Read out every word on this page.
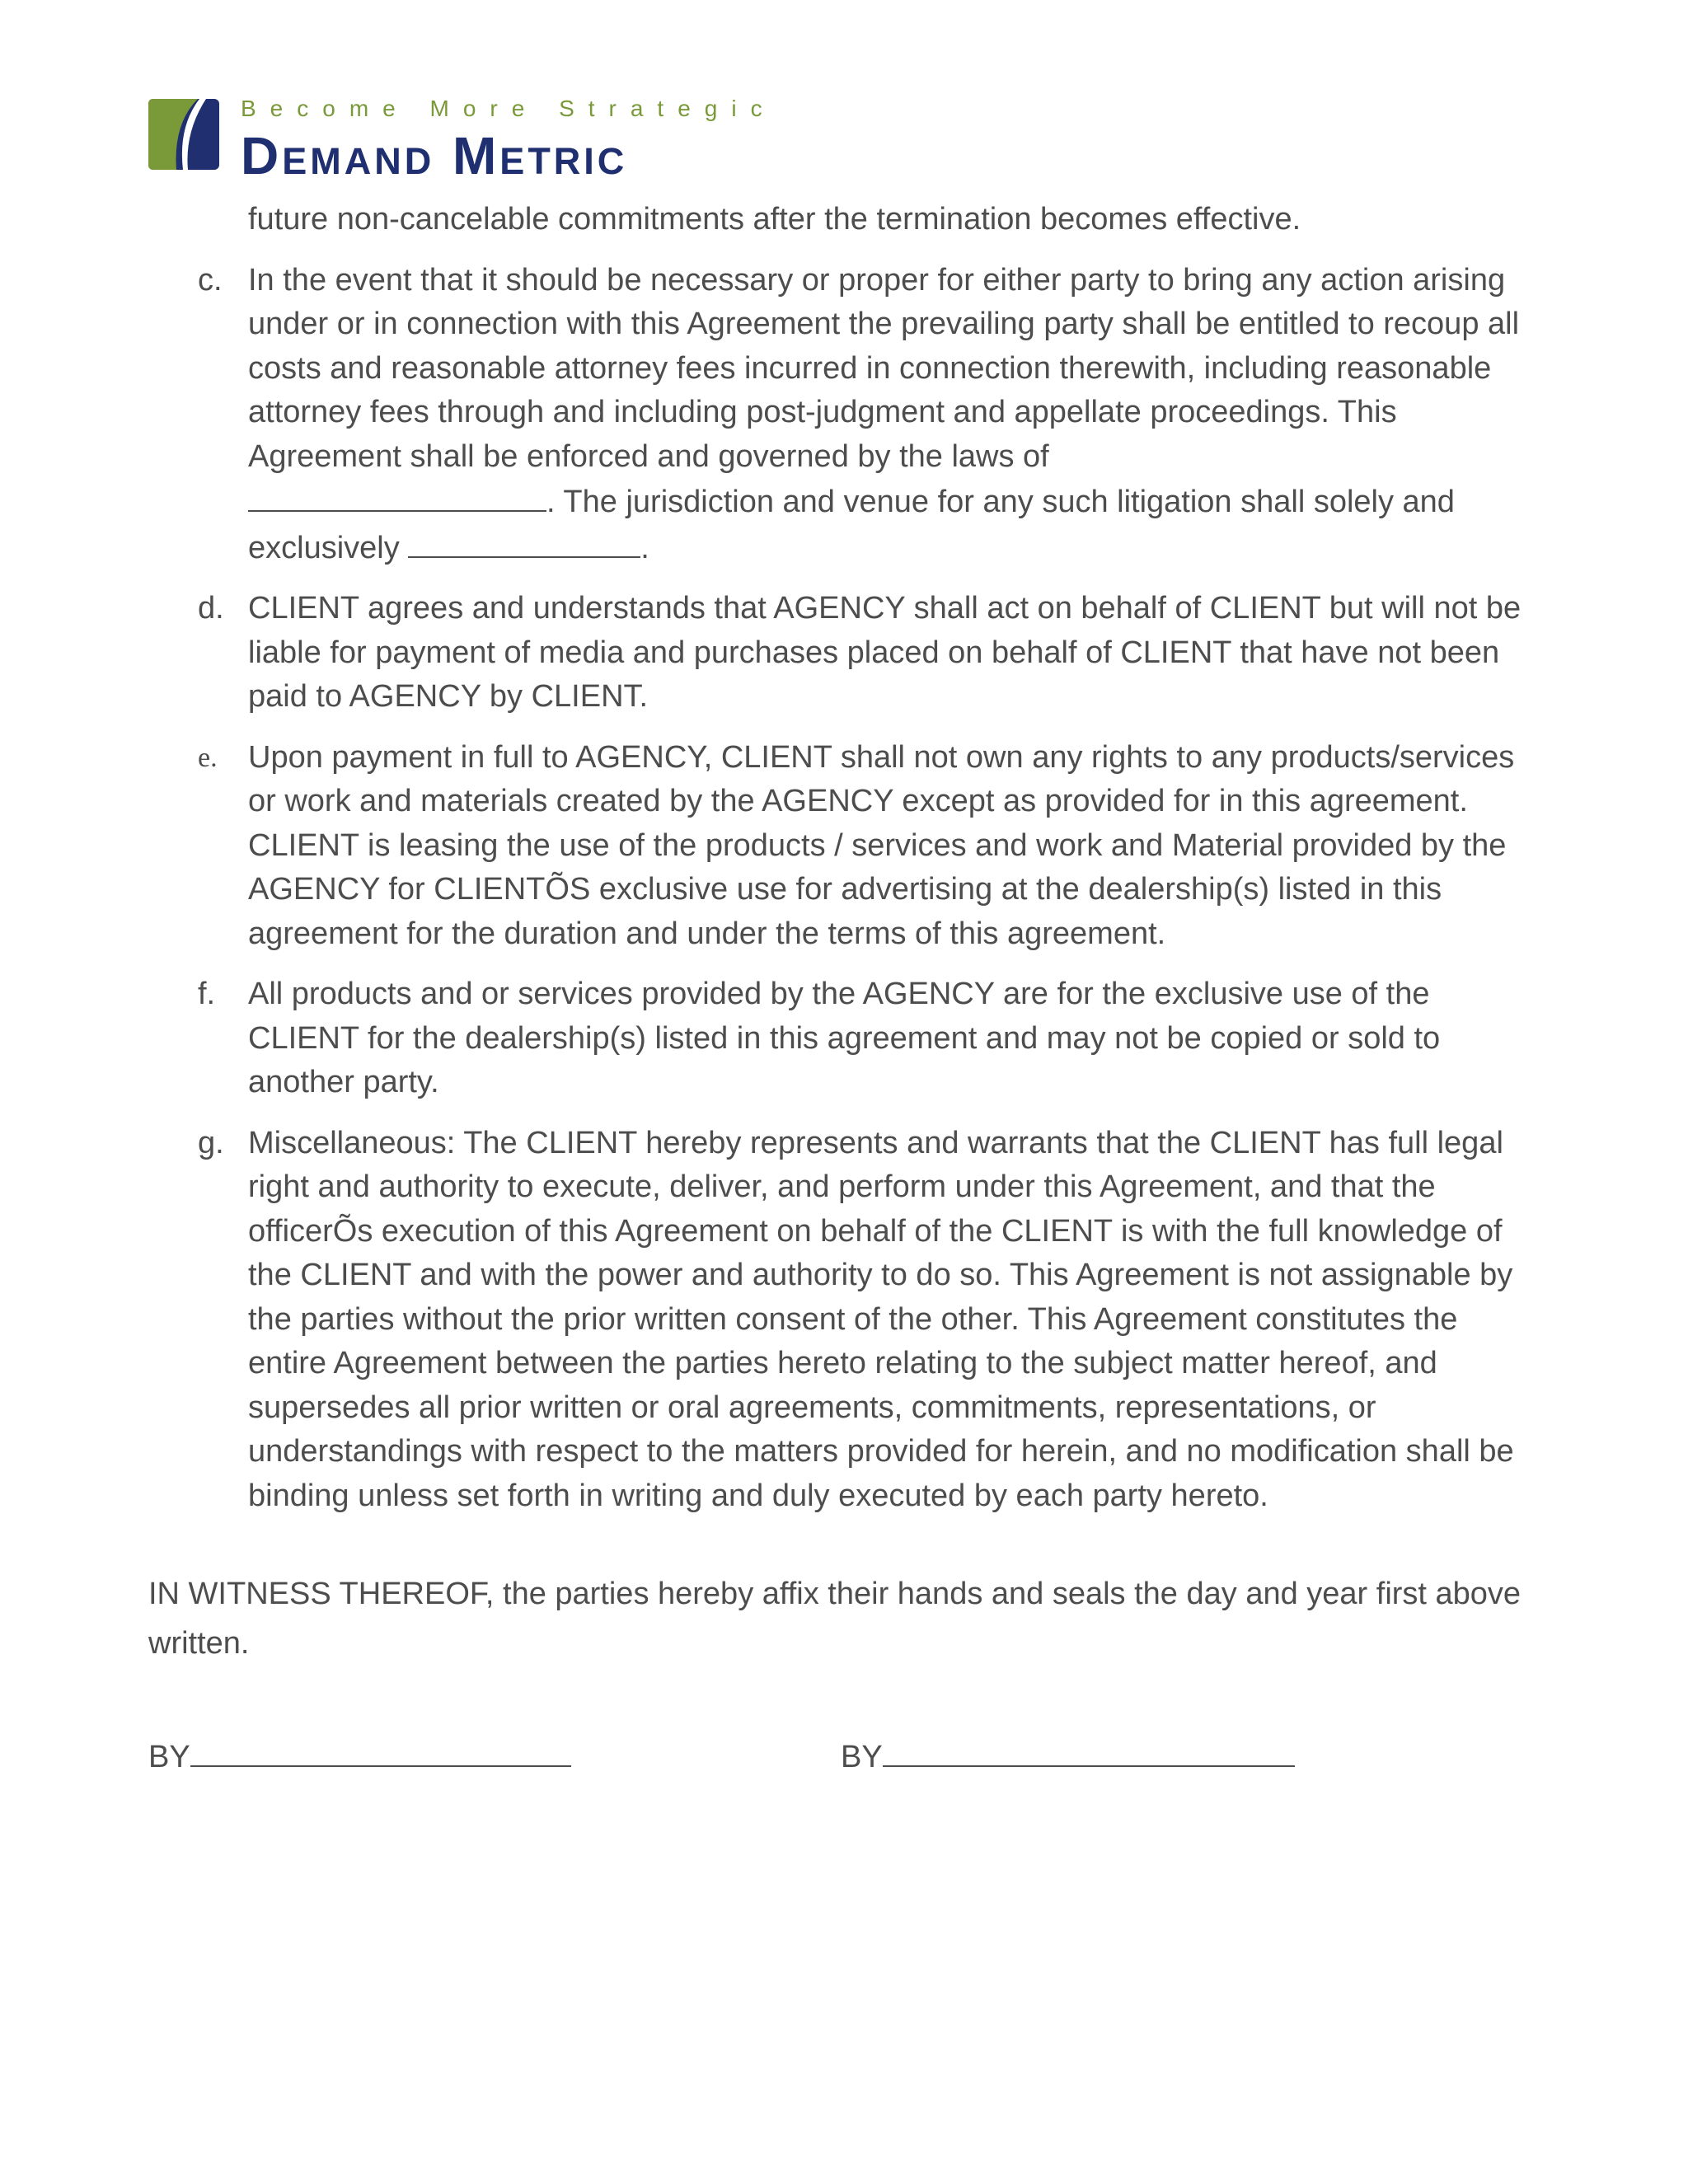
Become More Strategic
Demand Metric

future non-cancelable commitments after the termination becomes effective.

c. In the event that it should be necessary or proper for either party to bring any action arising under or in connection with this Agreement the prevailing party shall be entitled to recoup all costs and reasonable attorney fees incurred in connection therewith, including reasonable attorney fees through and including post-judgment and appellate proceedings. This Agreement shall be enforced and governed by the laws of
. The jurisdiction and venue for any such litigation shall solely and exclusively	.
d. CLIENT agrees and understands that AGENCY shall act on behalf of CLIENT but will not be liable for payment of media and purchases placed on behalf of CLIENT that have not been paid to AGENCY by CLIENT.
e. Upon payment in full to AGENCY, CLIENT shall not own any rights to any products/services or work and materials created by the AGENCY except as provided for in this agreement. CLIENT is leasing the use of the products / services and work and Material provided by the AGENCY for CLIENTÕS exclusive use for advertising at the dealership(s) listed in this agreement for the duration and under the terms of this agreement.
f. All products and or services provided by the AGENCY are for the exclusive use of the CLIENT for the dealership(s) listed in this agreement and may not be copied or sold to another party.
g. Miscellaneous: The CLIENT hereby represents and warrants that the CLIENT has full legal right and authority to execute, deliver, and perform under this Agreement, and that the officerÕs execution of this Agreement on behalf of the CLIENT is with the full knowledge of the CLIENT and with the power and authority to do so. This Agreement is not assignable by the parties without the prior written consent of the other. This Agreement constitutes the entire Agreement between the parties hereto relating to the subject matter hereof, and supersedes all prior written or oral agreements, commitments, representations, or understandings with respect to the matters provided for herein, and no modification shall be binding unless set forth in writing and duly executed by each party hereto.

IN WITNESS THEREOF, the parties hereby affix their hands and seals the day and year first above written.

BY	BY
